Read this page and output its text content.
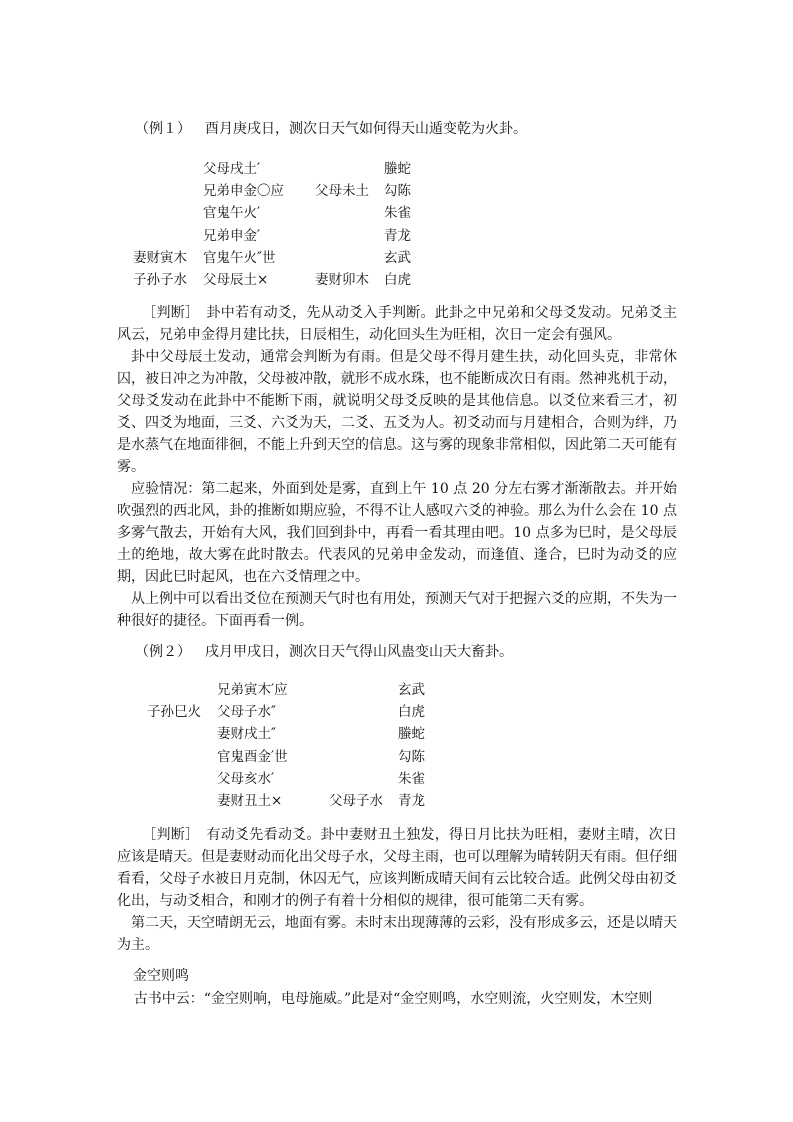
（例１） 酉月庚戌日，测次日天气如何得天山遁变乾为火卦。
父母戌土′	螣蛇
兄弟申金〇应 父母未土 勾陈
官鬼午火′	朱雀
兄弟申金′	青龙
妻财寅木 官鬼午火″世	玄武
子孙子水 父母辰土×	妻财卯木 白虎
［判断］　卦中若有动爻，先从动爻入手判断。此卦之中兄弟和父母爻发动。兄弟爻主风云，兄弟申金得月建比扶，日辰相生，动化回头生为旺相，次日一定会有强风。
卦中父母辰土发动，通常会判断为有雨。但是父母不得月建生扶，动化回头克，非常休囚，被日冲之为冲散，父母被冲散，就形不成水珠，也不能断成次日有雨。然神兆机于动，父母爻发动在此卦中不能断下雨，就说明父母爻反映的是其他信息。以爻位来看三才，初爻、四爻为地面，三爻、六爻为天，二爻、五爻为人。初爻动而与月建相合，合则为绊，乃是水蒸气在地面徘徊，不能上升到天空的信息。这与雾的现象非常相似，因此第二天可能有雾。
应验情况：第二起来，外面到处是雾，直到上午 10 点 20 分左右雾才渐渐散去。并开始吹强烈的西北风，卦的推断如期应验，不得不让人感叹六爻的神验。那么为什么会在 10 点多雾气散去，开始有大风，我们回到卦中，再看一看其理由吧。10 点多为巳时，是父母辰土的绝地，故大雾在此时散去。代表风的兄弟申金发动，而逢值、逢合，巳时为动爻的应期，因此巳时起风，也在六爻情理之中。
从上例中可以看出爻位在预测天气时也有用处，预测天气对于把握六爻的应期，不失为一种很好的捷径。下面再看一例。
（例２） 戌月甲戌日，测次日天气得山风蛊变山天大畜卦。
兄弟寅木′应	玄武
子孙巳火 父母子水″	白虎
妻财戌土″	螣蛇
官鬼酉金′世	勾陈
父母亥水′	朱雀
妻财丑土×	父母子水 青龙
［判断］　有动爻先看动爻。卦中妻财丑土独发，得日月比扶为旺相，妻财主晴，次日应该是晴天。但是妻财动而化出父母子水，父母主雨，也可以理解为晴转阴天有雨。但仔细看看，父母子水被日月克制，休囚无气，应该判断成晴天间有云比较合适。此例父母由初爻化出，与动爻相合，和刚才的例子有着十分相似的规律，很可能第二天有雾。
第二天，天空晴朗无云，地面有雾。未时末出现薄薄的云彩，没有形成多云，还是以晴天为主。
金空则鸣
古书中云：“金空则响，电母施威。”此是对“金空则鸣，水空则流，火空则发，木空则
